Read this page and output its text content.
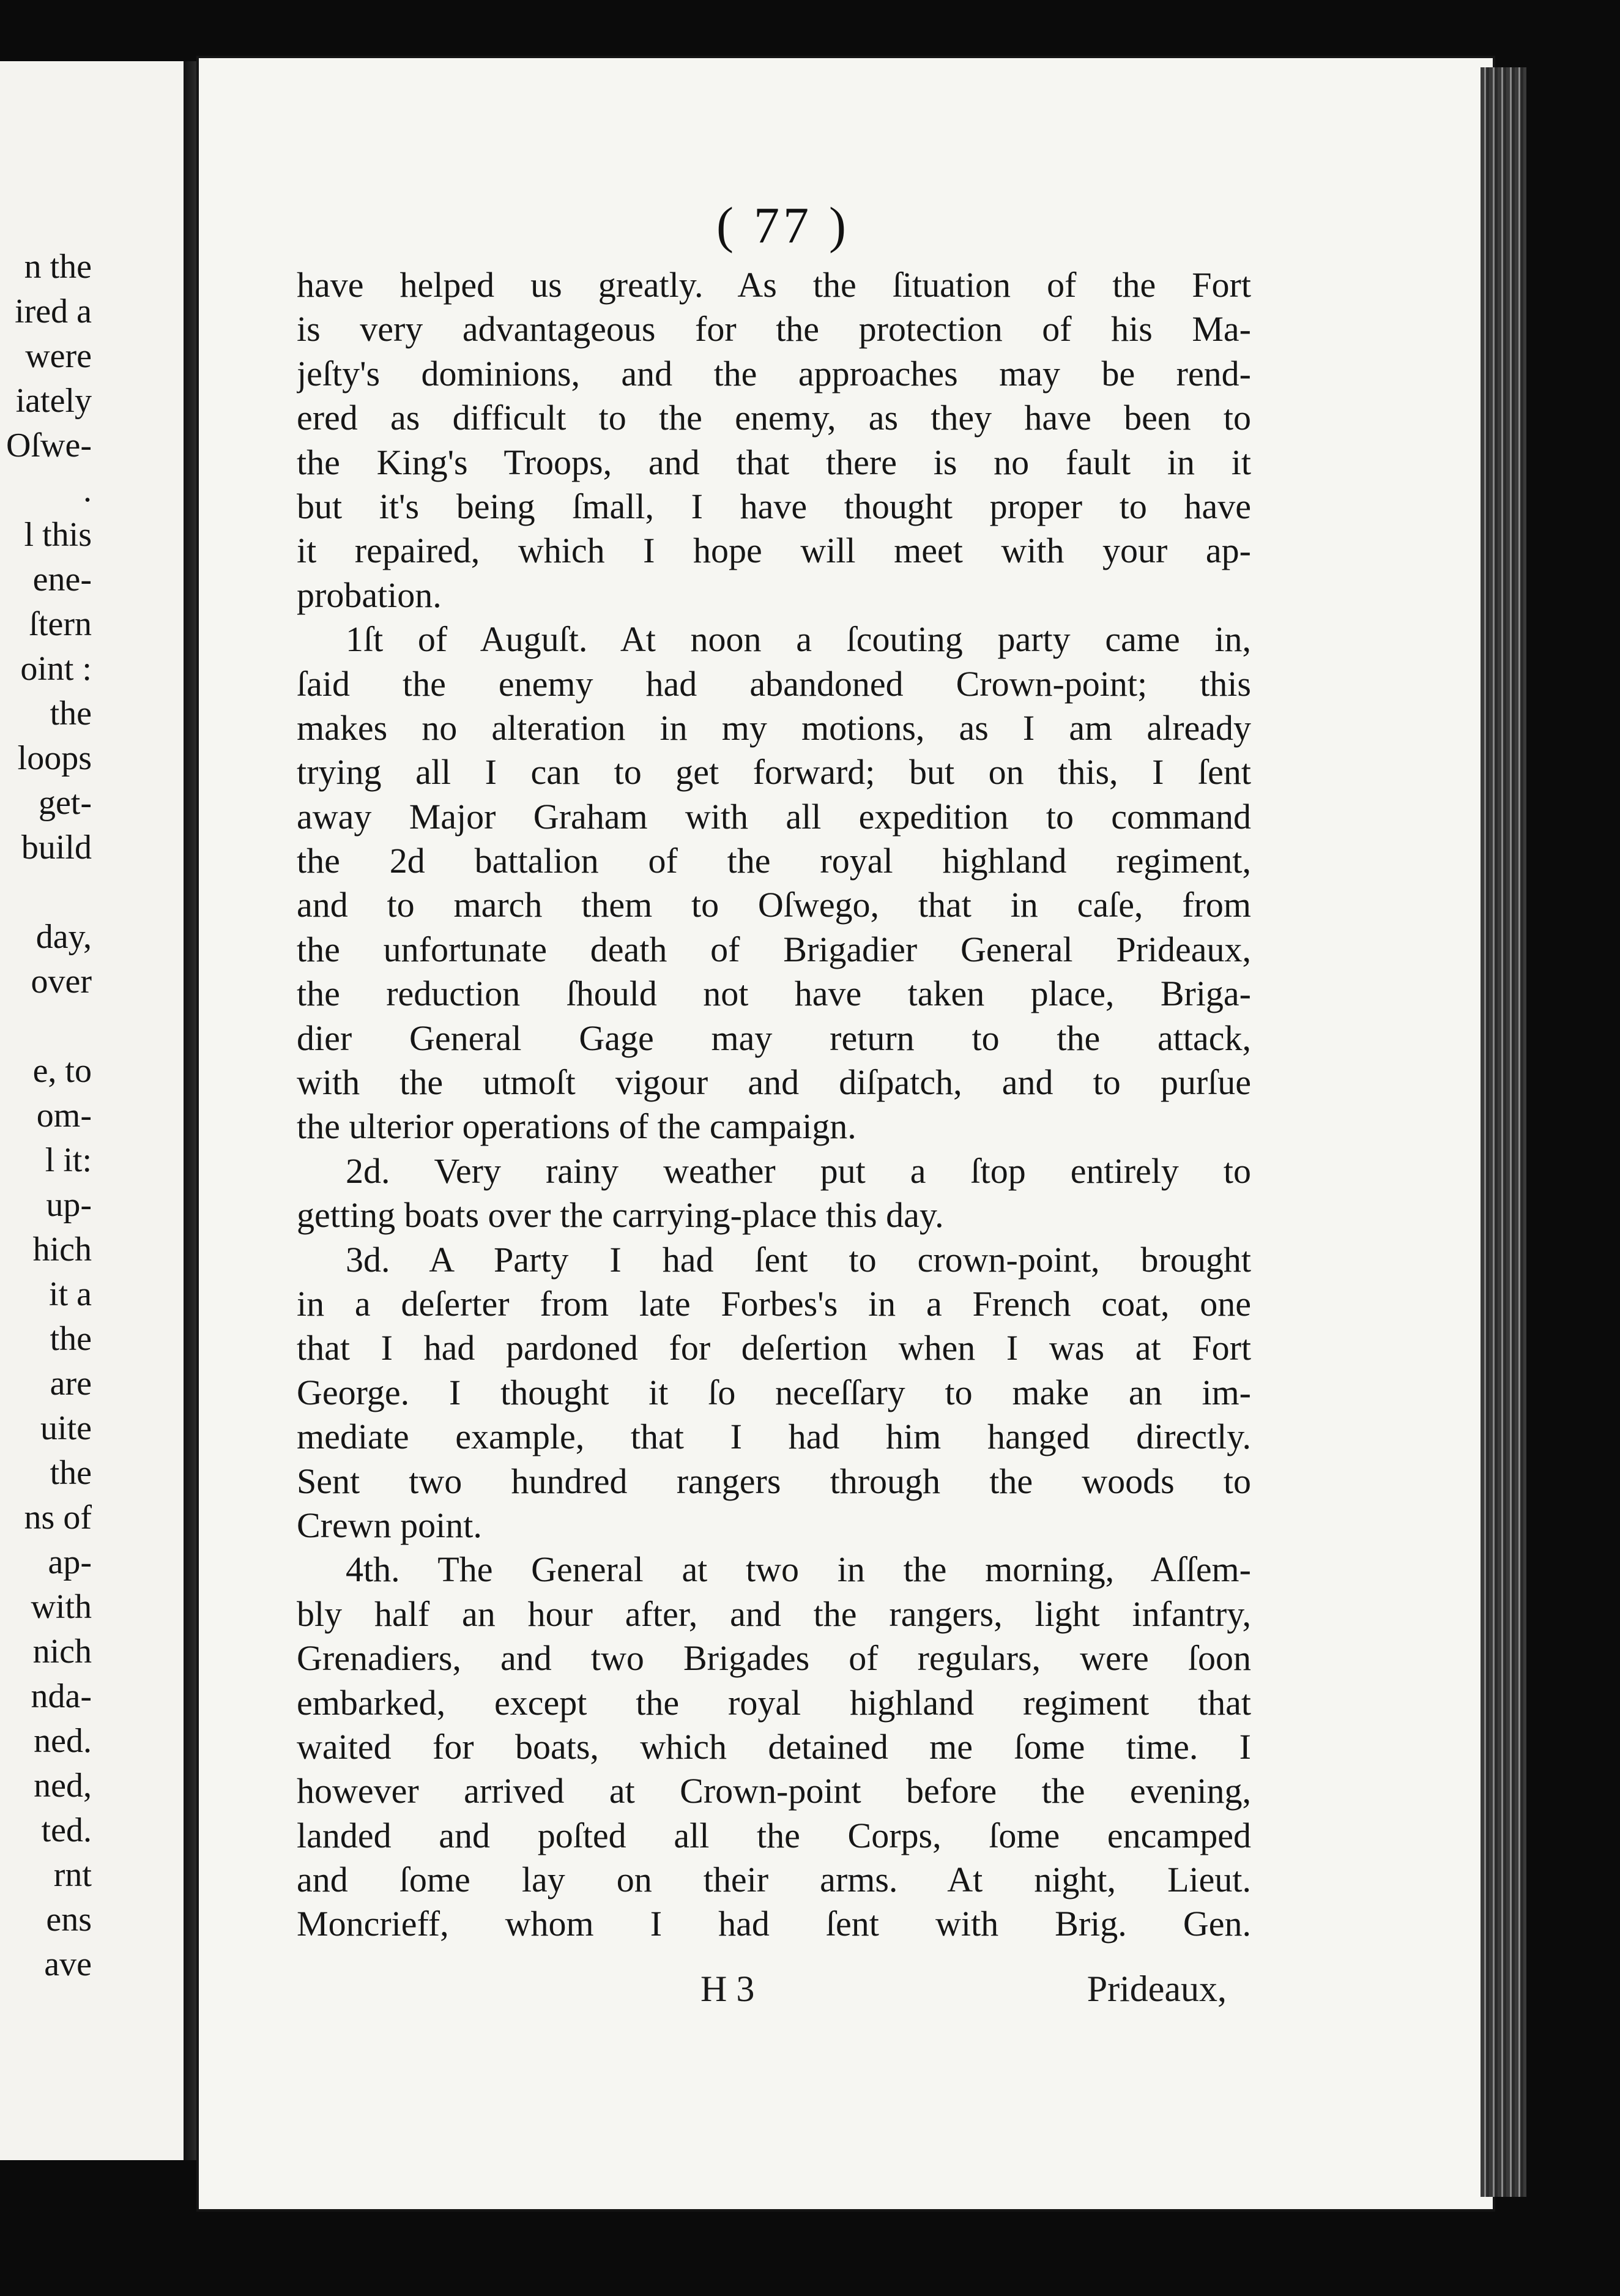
n the
ired a
were
iately
Oſwe-
.
l this
ene-
ſtern
oint :
the
loops
get-
build
day,
over
e, to
om-
l it:
up-
hich
it a
the
are
uite
the
ns of
ap-
with
nich
nda-
ned.
ned,
ted.
rnt
ens
ave
( 77 )
have helped us greatly. As the ſituation of the Fort
is very advantageous for the protection of his Ma-
jeſty's dominions, and the approaches may be rend-
ered as difficult to the enemy, as they have been to
the King's Troops, and that there is no fault in it
but it's being ſmall, I have thought proper to have
it repaired, which I hope will meet with your ap-
probation.
1ſt of Auguſt. At noon a ſcouting party came in,
ſaid the enemy had abandoned Crown-point; this
makes no alteration in my motions, as I am already
trying all I can to get forward; but on this, I ſent
away Major Graham with all expedition to command
the 2d battalion of the royal highland regiment,
and to march them to Oſwego, that in caſe, from
the unfortunate death of Brigadier General Prideaux,
the reduction ſhould not have taken place, Briga-
dier General Gage may return to the attack,
with the utmoſt vigour and diſpatch, and to purſue
the ulterior operations of the campaign.
2d. Very rainy weather put a ſtop entirely to
getting boats over the carrying-place this day.
3d. A Party I had ſent to crown-point, brought
in a deſerter from late Forbes's in a French coat, one
that I had pardoned for deſertion when I was at Fort
George. I thought it ſo neceſſary to make an im-
mediate example, that I had him hanged directly.
Sent two hundred rangers through the woods to
Crewn point.
4th. The General at two in the morning, Aſſem-
bly half an hour after, and the rangers, light infantry,
Grenadiers, and two Brigades of regulars, were ſoon
embarked, except the royal highland regiment that
waited for boats, which detained me ſome time. I
however arrived at Crown-point before the evening,
landed and poſted all the Corps, ſome encamped
and ſome lay on their arms. At night, Lieut.
Moncrieff, whom I had ſent with Brig. Gen.
H 3	Prideaux,
